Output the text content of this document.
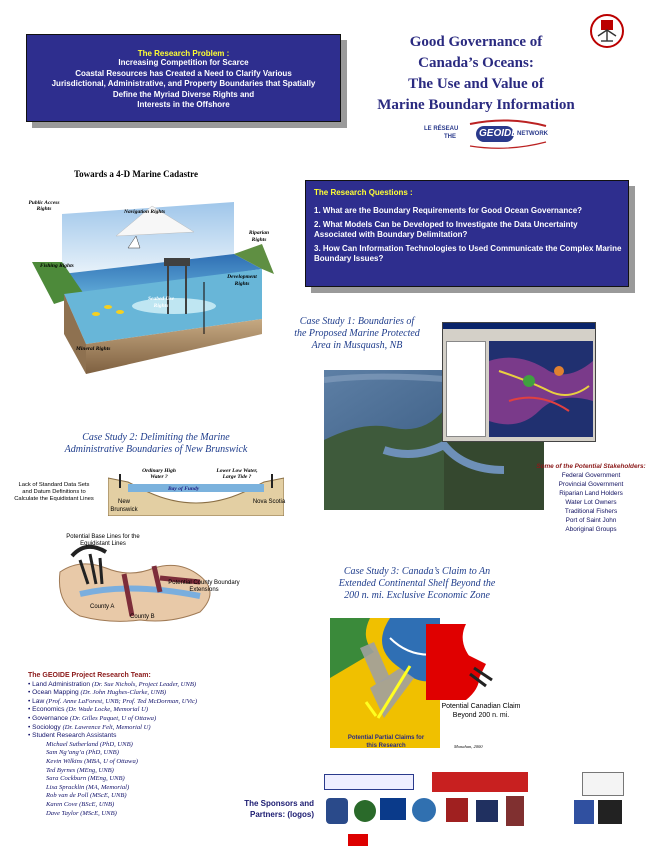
The Research Problem :
Increasing Competition for Scarce
Coastal Resources has Created a Need to Clarify Various
Jurisdictional, Administrative, and Property Boundaries that Spatially
Define the Myriad Diverse Rights and
Interests in the Offshore
Good Governance of
Canada’s Oceans:
The Use and Value of
Marine Boundary Information
LE RÉSEAU
THE GEOIDE NETWORK
Towards a 4-D Marine Cadastre
Public Access Rights	Navigation Rights
Riparian Rights
Fishing Rights
Development Rights
Seabed Use Rights
Mineral Rights
The Research Questions :
1. What are the Boundary Requirements for Good Ocean Governance?
2. What Models Can be Developed to Investigate the Data Uncertainty Associated with Boundary Delimitation?
3. How Can Information Technologies to Used Communicate the Complex Marine Boundary Issues?
Case Study 1: Boundaries of
the Proposed Marine Protected
Area in Musquash, NB
Some of the Potential Stakeholders:
Federal Government
Provincial Government
Riparian Land Holders
Water Lot Owners
Traditional Fishers
Port of Saint John
Aboriginal Groups
Case Study 2: Delimiting the Marine
Administrative Boundaries of New Brunswick
Ordinary High Water ?
Lower Low Water, Large Tide ?
Bay of Fundy
Lack of Standard Data Sets and Datum Definitions to Calculate the Equidistant Lines	New Brunswick
Nova Scotia
Potential Base Lines for the Equidistant Lines
Potential County Boundary Extensions
County A
County B
Case Study 3: Canada’s Claim to An
Extended Continental Shelf Beyond the
200 n. mi. Exclusive Economic Zone
Potential Partial Claims for this Research
Potential Canadian Claim Beyond 200 n. mi.
Monahan, 2000
The GEOIDE Project Research Team:
• Land Administration (Dr. Sue Nichols, Project Leader, UNB)
• Ocean Mapping (Dr. John Hughes-Clarke, UNB)
• Law (Prof. Anne LaForest, UNB; Prof. Ted McDorman, UVic)
• Economics (Dr. Wade Locke, Memorial U)
• Governance (Dr. Gilles Paquet, U of Ottawa)
• Sociology (Dr. Lawrence Felt, Memorial U)
• Student Research Assistants
Michael Sutherland (PhD, UNB)
Sam Ng’ang’a (PhD, UNB)
Kevin Wilkins (MBA, U of Ottawa)
Ted Byrnes (MEng, UNB)
Sara Cockburn (MEng, UNB)
Lisa Spracklin (MA, Memorial)
Rob van de Poll (MScE, UNB)
Karen Cove (BScE, UNB)
Dave Taylor (MScE, UNB)
The Sponsors and Partners: (logos)
